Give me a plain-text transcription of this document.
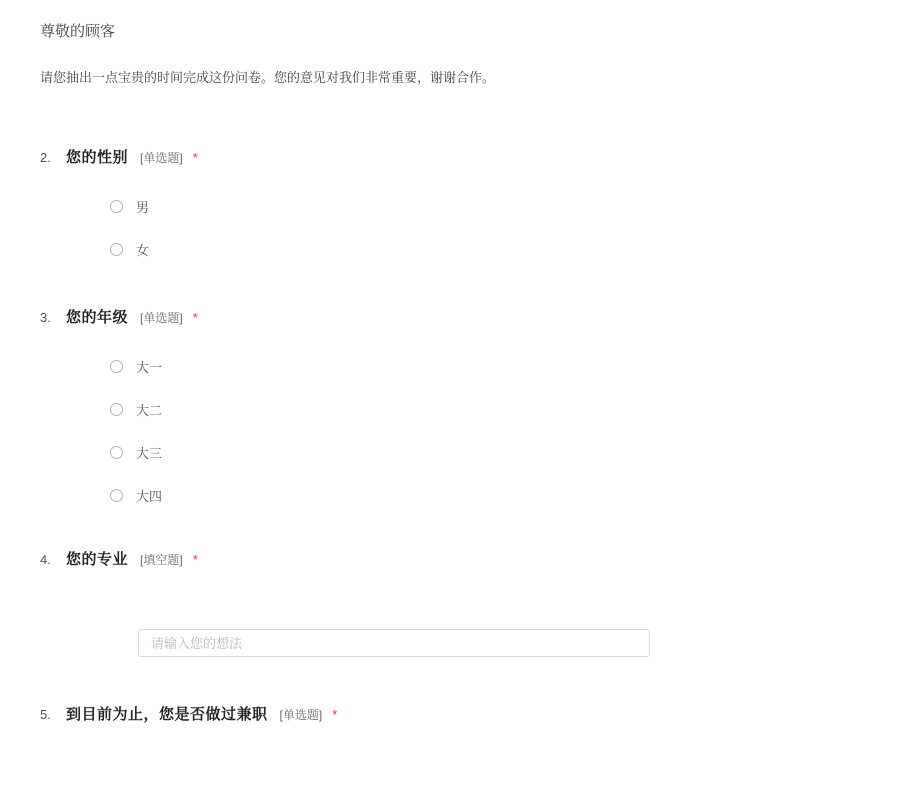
尊敬的顾客
请您抽出一点宝贵的时间完成这份问卷。您的意见对我们非常重要，谢谢合作。
2.	您的性别 [单选题] *
男
女
3.	您的年级 [单选题] *
大一
大二
大三
大四
4.	您的专业 [填空题] *
请输入您的想法
5.	到目前为止，您是否做过兼职 [单选题] *
